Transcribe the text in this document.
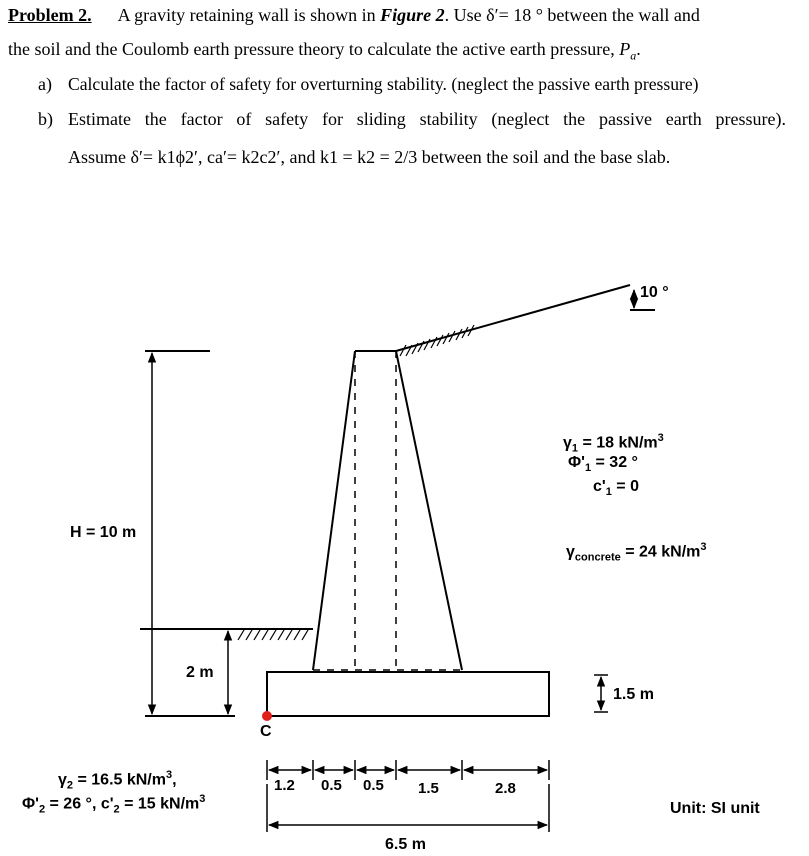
Problem 2. A gravity retaining wall is shown in Figure 2. Use δ′= 18 ° between the wall and
the soil and the Coulomb earth pressure theory to calculate the active earth pressure, $P_a$.
a) Calculate the factor of safety for overturning stability. (neglect the passive earth pressure)
b) Estimate the factor of safety for sliding stability (neglect the passive earth pressure).
Assume δ′= k1ϕ2′, ca′= k2c2′, and k1 = k2 = 2/3 between the soil and the base slab.
10 °
$\gamma_1 = 18$ $kN/m^3$
$\Phi'_1 = 32$ °
$c'_1 = 0$
$\gamma_{concrete} = 24$ $kN/m^3$
H = 10 m
2 m
1.5 m
C
$\gamma_2 = 16.5$ $kN/m^3$,
$\Phi'_2 = 26$ °, $c'_2 = 15$ $kN/m^3$
1.2 0.5 0.5 1.5	2.8
6.5 m
Unit: SI unit
